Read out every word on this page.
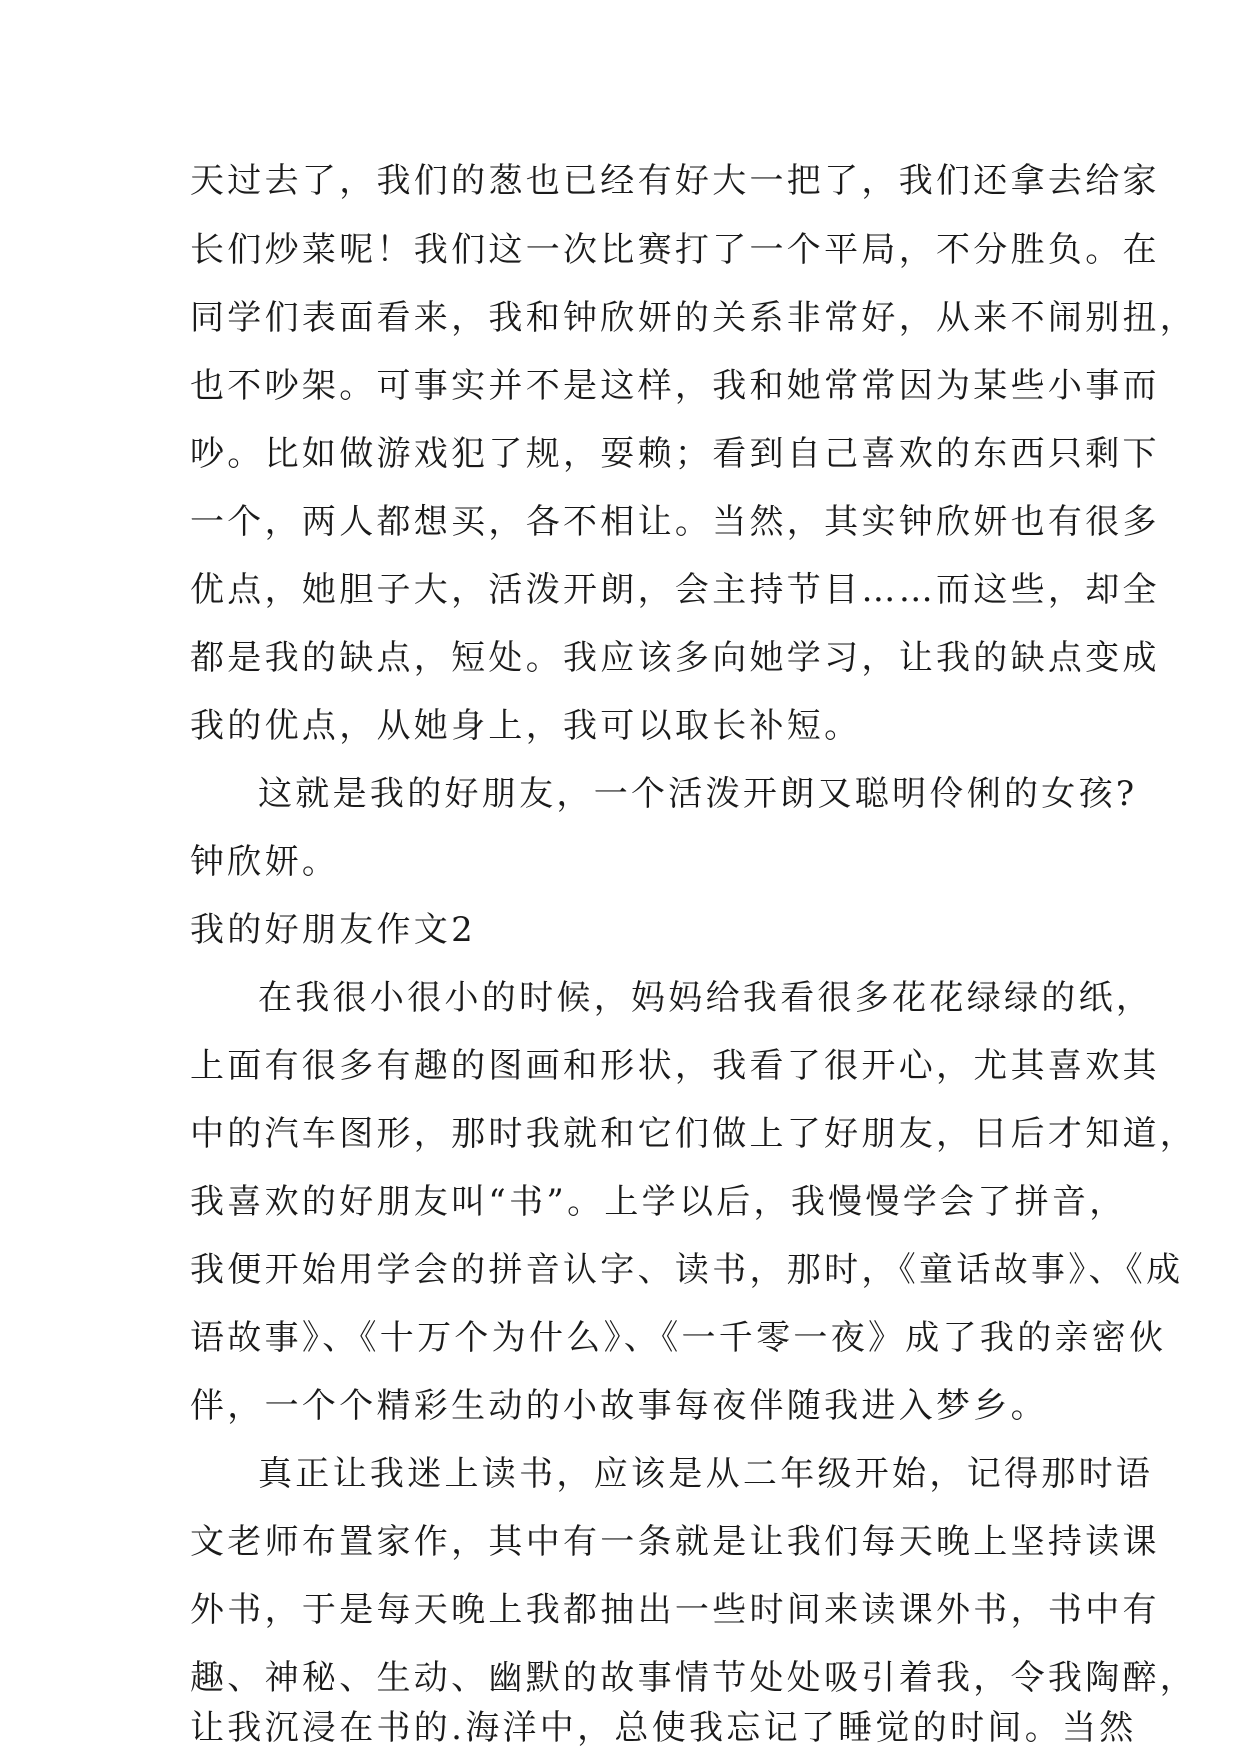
天过去了，我们的葱也已经有好大一把了，我们还拿去给家
长们炒菜呢！我们这一次比赛打了一个平局，不分胜负。在
同学们表面看来，我和钟欣妍的关系非常好，从来不闹别扭，
也不吵架。可事实并不是这样，我和她常常因为某些小事而
吵。比如做游戏犯了规，耍赖；看到自己喜欢的东西只剩下
一个，两人都想买，各不相让。当然，其实钟欣妍也有很多
优点，她胆子大，活泼开朗，会主持节目……而这些，却全
都是我的缺点，短处。我应该多向她学习，让我的缺点变成
我的优点，从她身上，我可以取长补短。
这就是我的好朋友，一个活泼开朗又聪明伶俐的女孩?
钟欣妍。
我的好朋友作文2
在我很小很小的时候，妈妈给我看很多花花绿绿的纸，
上面有很多有趣的图画和形状，我看了很开心，尤其喜欢其
中的汽车图形，那时我就和它们做上了好朋友，日后才知道，
我喜欢的好朋友叫“书”。上学以后，我慢慢学会了拼音，
我便开始用学会的拼音认字、读书，那时，《童话故事》、《成
语故事》、《十万个为什么》、《一千零一夜》成了我的亲密伙
伴，一个个精彩生动的小故事每夜伴随我进入梦乡。
真正让我迷上读书，应该是从二年级开始，记得那时语
文老师布置家作，其中有一条就是让我们每天晚上坚持读课
外书，于是每天晚上我都抽出一些时间来读课外书，书中有
趣、神秘、生动、幽默的故事情节处处吸引着我，令我陶醉，
让我沉浸在书的.海洋中，总使我忘记了睡觉的时间。当然
